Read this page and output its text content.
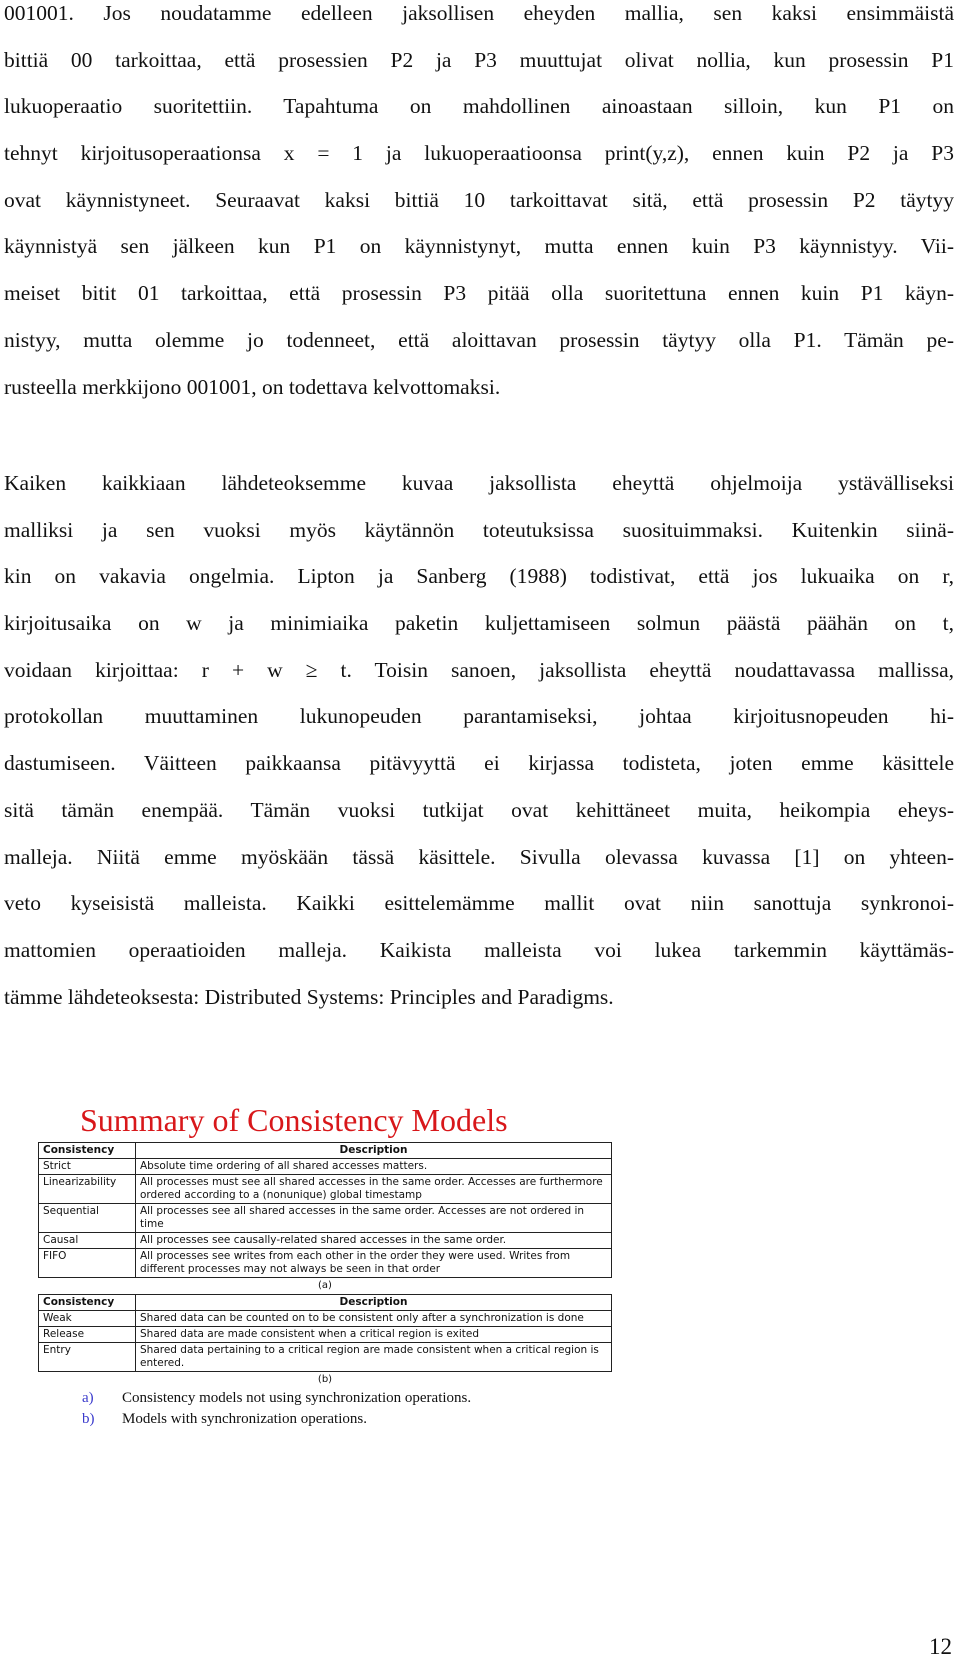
001001. Jos noudatamme edelleen jaksollisen eheyden mallia, sen kaksi ensimmäistä
bittiä 00 tarkoittaa, että prosessien P2 ja P3 muuttujat olivat nollia, kun prosessin P1
lukuoperaatio suoritettiin. Tapahtuma on mahdollinen ainoastaan silloin, kun P1 on
tehnyt kirjoitusoperaationsa x = 1 ja lukuoperaatioonsa print(y,z), ennen kuin P2 ja P3
ovat käynnistyneet. Seuraavat kaksi bittiä 10 tarkoittavat sitä, että prosessin P2 täytyy
käynnistyä sen jälkeen kun P1 on käynnistynyt, mutta ennen kuin P3 käynnistyy. Vii-
meiset bitit 01 tarkoittaa, että prosessin P3 pitää olla suoritettuna ennen kuin P1 käyn-
nistyy, mutta olemme jo todenneet, että aloittavan prosessin täytyy olla P1. Tämän pe-
rusteella merkkijono 001001, on todettava kelvottomaksi.
Kaiken kaikkiaan lähdeteoksemme kuvaa jaksollista eheyttä ohjelmoija ystävälliseksi
malliksi ja sen vuoksi myös käytännön toteutuksissa suosituimmaksi. Kuitenkin siinä-
kin on vakavia ongelmia. Lipton ja Sanberg (1988) todistivat, että jos lukuaika on r,
kirjoitusaika on w ja minimiaika paketin kuljettamiseen solmun päästä päähän on t,
voidaan kirjoittaa: r + w ≥ t. Toisin sanoen, jaksollista eheyttä noudattavassa mallissa,
protokollan muuttaminen lukunopeuden parantamiseksi, johtaa kirjoitusnopeuden hi-
dastumiseen. Väitteen paikkaansa pitävyyttä ei kirjassa todisteta, joten emme käsittele
sitä tämän enempää. Tämän vuoksi tutkijat ovat kehittäneet muita, heikompia eheys-
malleja. Niitä emme myöskään tässä käsittele. Sivulla olevassa kuvassa [1] on yhteen-
veto kyseisistä malleista. Kaikki esittelemämme mallit ovat niin sanottuja synkronoi-
mattomien operaatioiden malleja. Kaikista malleista voi lukea tarkemmin käyttämäs-
tämme lähdeteoksesta: Distributed Systems: Principles and Paradigms.
Summary of Consistency Models
Consistency	Description
Strict	Absolute time ordering of all shared accesses matters.
Linearizability	All processes must see all shared accesses in the same order. Accesses are furthermore ordered according to a (nonunique) global timestamp
Sequential	All processes see all shared accesses in the same order. Accesses are not ordered in time
Causal	All processes see causally-related shared accesses in the same order.
FIFO	All processes see writes from each other in the order they were used. Writes from different processes may not always be seen in that order
(a)
Consistency	Description
Weak	Shared data can be counted on to be consistent only after a synchronization is done
Release	Shared data are made consistent when a critical region is exited
Entry	Shared data pertaining to a critical region are made consistent when a critical region is entered.
(b)
a) Consistency models not using synchronization operations.
b) Models with synchronization operations.
12
